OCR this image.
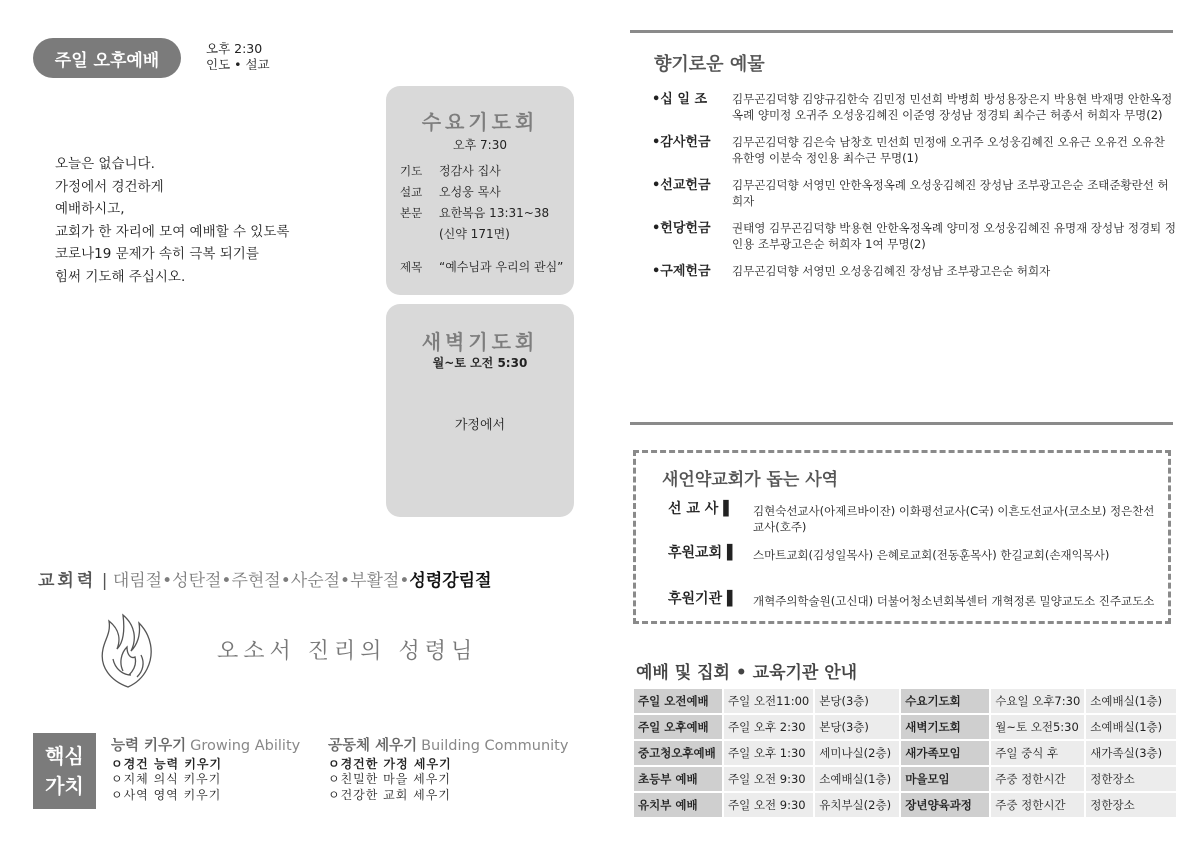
주일 오후예배
오후 2:30
인도 • 설교
오늘은 없습니다.
가정에서 경건하게
예배하시고,
교회가 한 자리에 모여 예배할 수 있도록
코로나19 문제가 속히 극복 되기를
힘써 기도해 주십시오.
수요기도회
오후 7:30
기도	정감사 집사
설교	오성웅 목사
본문	요한복음 13:31~38
(신약 171면)
제목	“예수님과 우리의 관심”
새벽기도회
월~토 오전 5:30
가정에서
교회력 | 대림절•성탄절•주현절•사순절•부활절•성령강림절
오소서 진리의 성령님
핵심
가치
능력 키우기 Growing Ability
ㅇ경건 능력 키우기
ㅇ지체 의식 키우기
ㅇ사역 영역 키우기
공동체 세우기 Building Community
ㅇ경건한 가정 세우기
ㅇ친밀한 마을 세우기
ㅇ건강한 교회 세우기
향기로운 예물
•십 일 조	김무곤김덕향 김양규김한숙 김민정 민선희 박병희 방성용장은지 박용현 박재명 안한옥정옥례 양미정 오귀주 오성웅김혜진 이준영 장성남 정경퇴 최수근 허종서 허희자 무명(2)
•감사헌금	김무곤김덕향 김은숙 남창호 민선희 민정애 오귀주 오성웅김혜진 오유근 오유건 오유찬 유한영 이분숙 정인용 최수근 무명(1)
•선교헌금	김무곤김덕향 서영민 안한옥정옥례 오성웅김혜진 장성남 조부광고은순 조태준황란선 허희자
•헌당헌금	권태영 김무곤김덕향 박용현 안한옥정옥례 양미정 오성웅김혜진 유명재 장성남 정경퇴 정인용 조부광고은순 허희자 1여 무명(2)
•구제헌금	김무곤김덕향 서영민 오성웅김혜진 장성남 조부광고은순 허희자
새언약교회가 돕는 사역
선 교 사 ▌	김현숙선교사(아제르바이잔) 이화평선교사(C국) 이흔도선교사(코소보) 정은찬선교사(호주)
후원교회 ▌	스마트교회(김성일목사) 은혜로교회(전동훈목사) 한길교회(손재익목사)
후원기관 ▌	개혁주의학술원(고신대) 더불어청소년회복센터 개혁정론 밀양교도소 진주교도소
예배 및 집회 • 교육기관 안내
주일 오전예배	주일 오전11:00	본당(3층)	수요기도회	수요일 오후7:30	소예배실(1층)
주일 오후예배	주일 오후 2:30	본당(3층)	새벽기도회	월~토 오전5:30	소예배실(1층)
중고청오후예배	주일 오후 1:30	세미나실(2층)	새가족모임	주일 중식 후	새가족실(3층)
초등부 예배	주일 오전 9:30	소예배실(1층)	마을모임	주중 정한시간	정한장소
유치부 예배	주일 오전 9:30	유치부실(2층)	장년양육과정	주중 정한시간	정한장소
